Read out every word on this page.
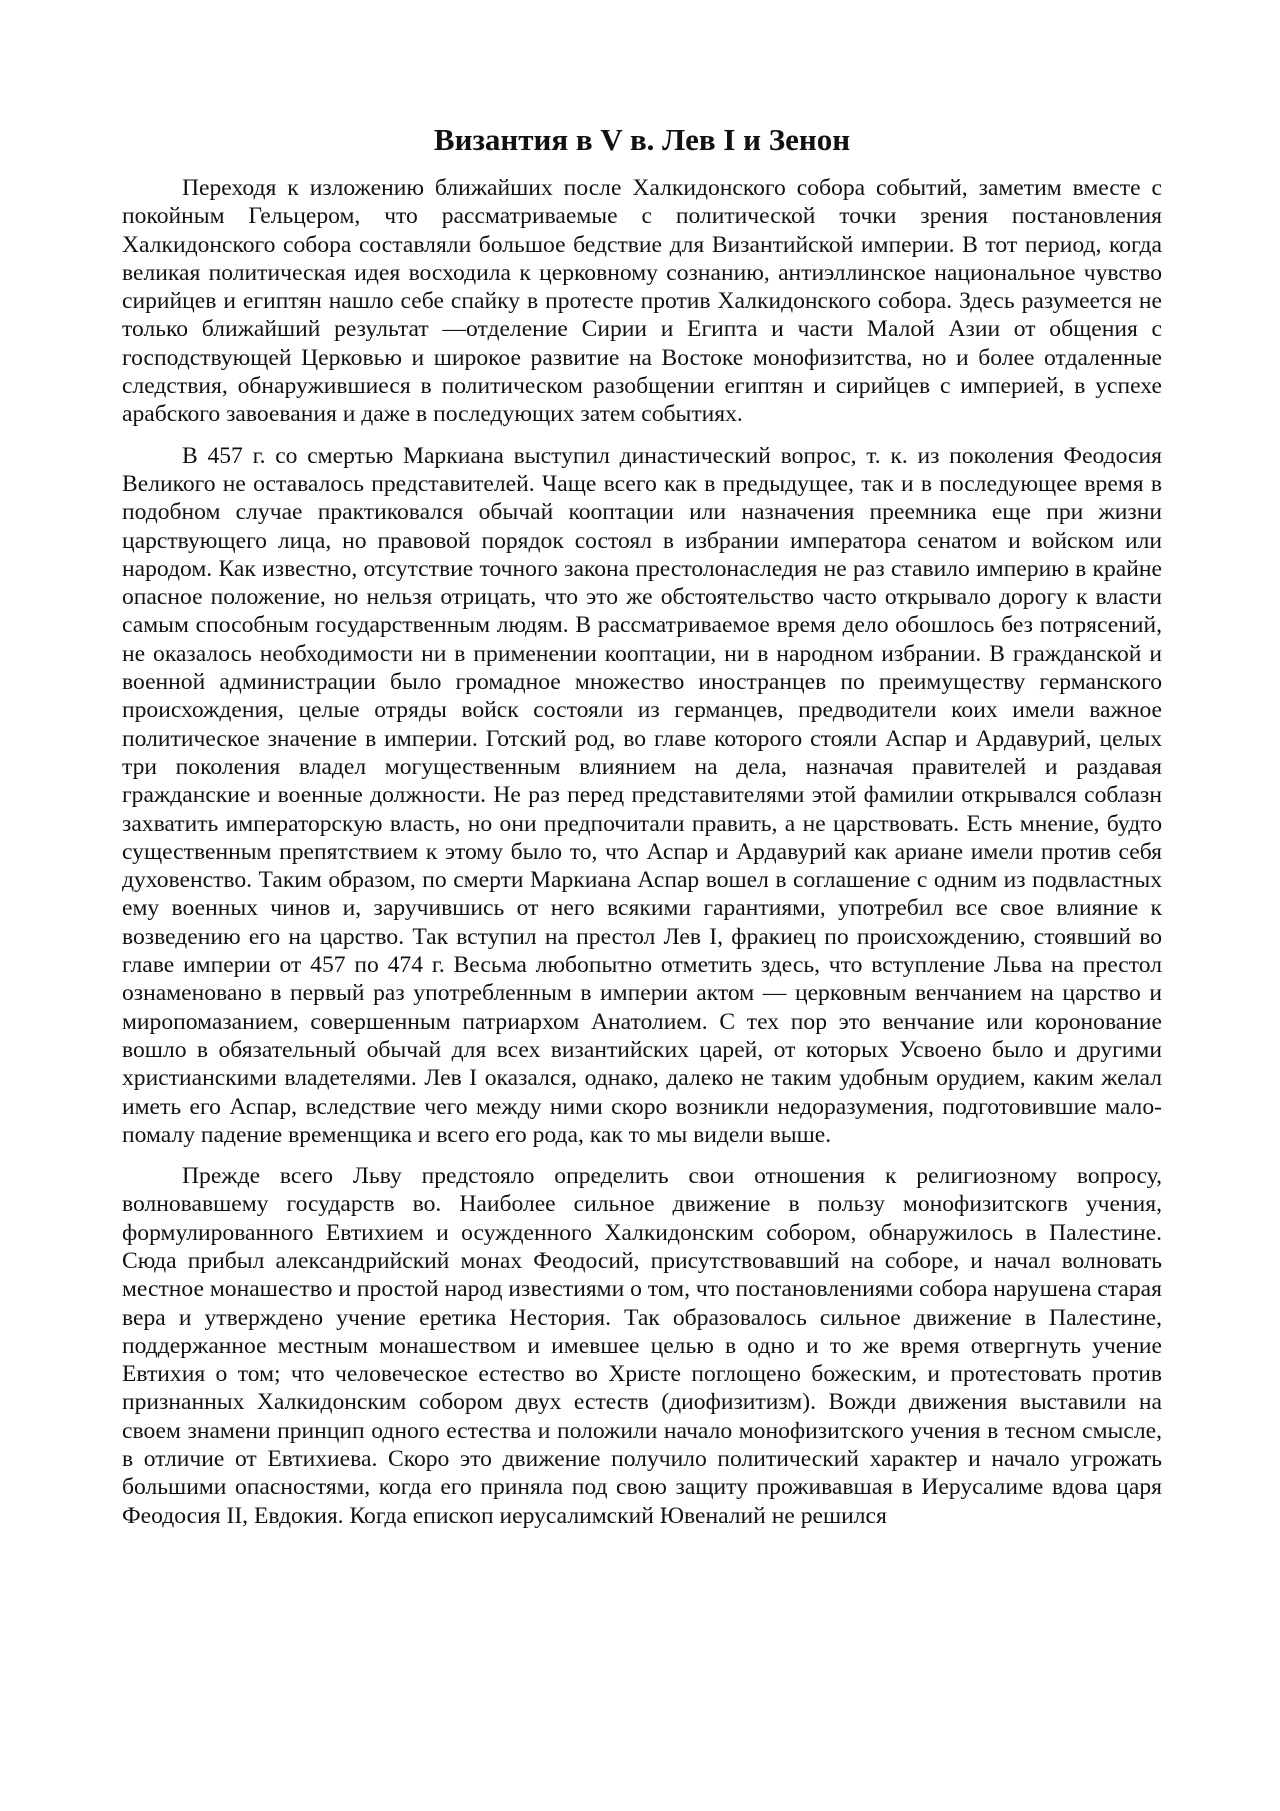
Византия в V в. Лев I и Зенон

Переходя к изложению ближайших после Халкидонского собора событий, заметим вместе с покойным Гельцером, что рассматриваемые с политической точки зрения постановления Халкидонского собора составляли большое бедствие для Византийской империи. В тот период, когда великая политическая идея восходила к церковному сознанию, антиэллинское национальное чувство сирийцев и египтян нашло себе спайку в протесте против Халкидонского собора. Здесь разумеется не только ближайший результат —отделение Сирии и Египта и части Малой Азии от общения с господствующей Церковью и широкое развитие на Востоке монофизитства, но и более отдаленные следствия, обнаружившиеся в политическом разобщении египтян и сирийцев с империей, в успехе арабского завоевания и даже в последующих затем событиях.

В 457 г. со смертью Маркиана выступил династический вопрос, т. к. из поколения Феодосия Великого не оставалось представителей. Чаще всего как в предыдущее, так и в последующее время в подобном случае практиковался обычай кооптации или назначения преемника еще при жизни царствующего лица, но правовой порядок состоял в избрании императора сенатом и войском или народом. Как известно, отсутствие точного закона престолонаследия не раз ставило империю в крайне опасное положение, но нельзя отрицать, что это же обстоятельство часто открывало дорогу к власти самым способным государственным людям. В рассматриваемое время дело обошлось без потрясений, не оказалось необходимости ни в применении кооптации, ни в народном избрании. В гражданской и военной администрации было громадное множество иностранцев по преимуществу германского происхождения, целые отряды войск состояли из германцев, предводители коих имели важное политическое значение в империи. Готский род, во главе которого стояли Аспар и Ардавурий, целых три поколения владел могущественным влиянием на дела, назначая правителей и раздавая гражданские и военные должности. Не раз перед представителями этой фамилии открывался соблазн захватить императорскую власть, но они предпочитали править, а не царствовать. Есть мнение, будто существенным препятствием к этому было то, что Аспар и Ардавурий как ариане имели против себя духовенство. Таким образом, по смерти Маркиана Аспар вошел в соглашение с одним из подвластных ему военных чинов и, заручившись от него всякими гарантиями, употребил все свое влияние к возведению его на царство. Так вступил на престол Лев I, фракиец по происхождению, стоявший во главе империи от 457 по 474 г. Весьма любопытно отметить здесь, что вступление Льва на престол ознаменовано в первый раз употребленным в империи актом — церковным венчанием на царство и миропомазанием, совершенным патриархом Анатолием. С тех пор это венчание или коронование вошло в обязательный обычай для всех византийских царей, от которых Усвоено было и другими христианскими владетелями. Лев I оказался, однако, далеко не таким удобным орудием, каким желал иметь его Аспар, вследствие чего между ними скоро возникли недоразумения, подготовившие мало-помалу падение временщика и всего его рода, как то мы видели выше.

Прежде всего Льву предстояло определить свои отношения к религиозному вопросу, волновавшему государств во. Наиболее сильное движение в пользу монофизитскогв учения, формулированного Евтихием и осужденного Халкидонским собором, обнаружилось в Палестине. Сюда прибыл александрийский монах Феодосий, присутствовавший на соборе, и начал волновать местное монашество и простой народ известиями о том, что постановлениями собора нарушена старая вера и утверждено учение еретика Нестория. Так образовалось сильное движение в Палестине, поддержанное местным монашеством и имевшее целью в одно и то же время отвергнуть учение Евтихия о том; что человеческое естество во Христе поглощено божеским, и протестовать против признанных Халкидонским собором двух естеств (диофизитизм). Вожди движения выставили на своем знамени принцип одного естества и положили начало монофизитского учения в тесном смысле, в отличие от Евтихиева. Скоро это движение получило политический характер и начало угрожать большими опасностями, когда его приняла под свою защиту проживавшая в Иерусалиме вдова царя Феодосия II, Евдокия. Когда епископ иерусалимский Ювеналий не решился
